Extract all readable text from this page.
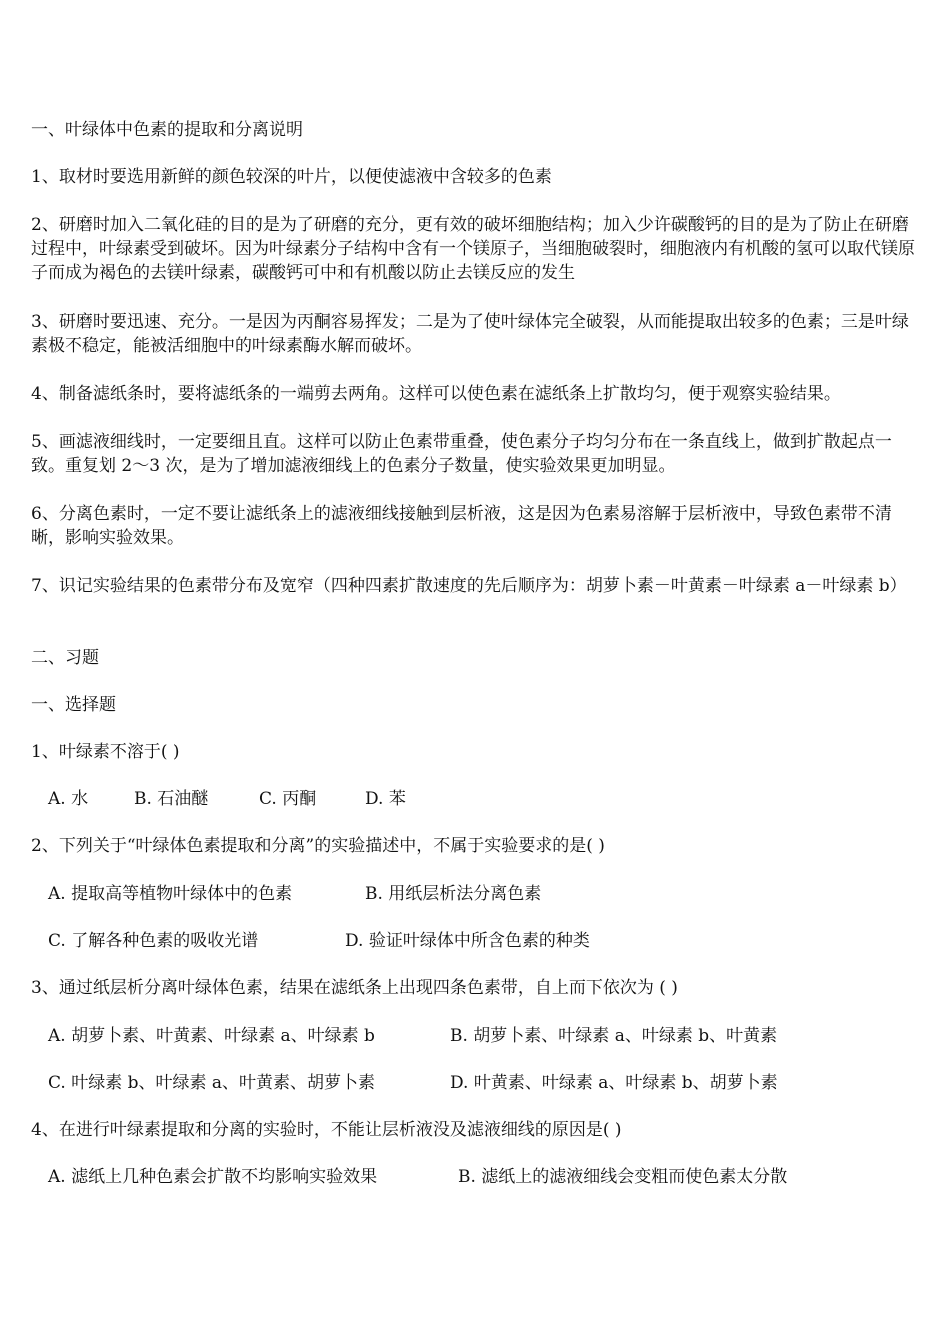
一、叶绿体中色素的提取和分离说明

1、取材时要选用新鲜的颜色较深的叶片，以便使滤液中含较多的色素

2、研磨时加入二氧化硅的目的是为了研磨的充分，更有效的破坏细胞结构；加入少许碳酸钙的目的是为了防止在研磨过程中，叶绿素受到破坏。因为叶绿素分子结构中含有一个镁原子，当细胞破裂时，细胞液内有机酸的氢可以取代镁原子而成为褐色的去镁叶绿素，碳酸钙可中和有机酸以防止去镁反应的发生

3、研磨时要迅速、充分。一是因为丙酮容易挥发；二是为了使叶绿体完全破裂，从而能提取出较多的色素；三是叶绿素极不稳定，能被活细胞中的叶绿素酶水解而破坏。

4、制备滤纸条时，要将滤纸条的一端剪去两角。这样可以使色素在滤纸条上扩散均匀，便于观察实验结果。

5、画滤液细线时，一定要细且直。这样可以防止色素带重叠，使色素分子均匀分布在一条直线上，做到扩散起点一致。重复划 2～3 次，是为了增加滤液细线上的色素分子数量，使实验效果更加明显。

6、分离色素时，一定不要让滤纸条上的滤液细线接触到层析液，这是因为色素易溶解于层析液中，导致色素带不清晰，影响实验效果。

7、识记实验结果的色素带分布及宽窄（四种四素扩散速度的先后顺序为：胡萝卜素－叶黄素－叶绿素 a－叶绿素 b）

二、习题

一、选择题

1、叶绿素不溶于( )

A. 水	B. 石油醚	C. 丙酮	D. 苯

2、下列关于“叶绿体色素提取和分离”的实验描述中，不属于实验要求的是( )

A. 提取高等植物叶绿体中的色素	B. 用纸层析法分离色素
C. 了解各种色素的吸收光谱	D. 验证叶绿体中所含色素的种类

3、通过纸层析分离叶绿体色素，结果在滤纸条上出现四条色素带，自上而下依次为 ( )

A. 胡萝卜素、叶黄素、叶绿素 a、叶绿素 b	B. 胡萝卜素、叶绿素 a、叶绿素 b、叶黄素
C. 叶绿素 b、叶绿素 a、叶黄素、胡萝卜素	D. 叶黄素、叶绿素 a、叶绿素 b、胡萝卜素

4、在进行叶绿素提取和分离的实验时，不能让层析液没及滤液细线的原因是( )

A. 滤纸上几种色素会扩散不均影响实验效果	B. 滤纸上的滤液细线会变粗而使色素太分散
